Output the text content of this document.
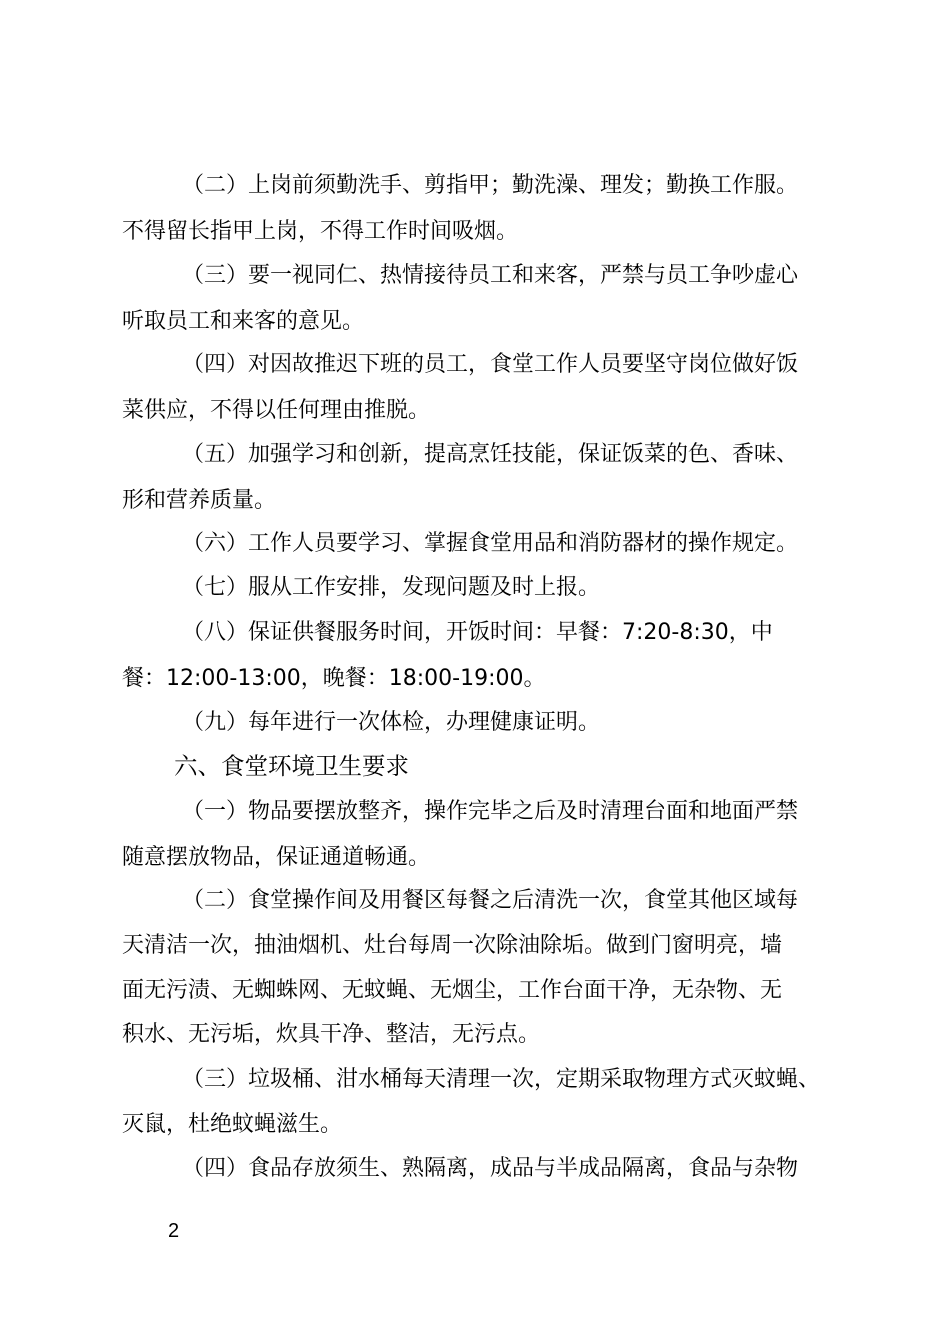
（二）上岗前须勤洗手、剪指甲；勤洗澡、理发；勤换工作服。
不得留长指甲上岗，不得工作时间吸烟。
（三）要一视同仁、热情接待员工和来客，严禁与员工争吵虚心
听取员工和来客的意见。
（四）对因故推迟下班的员工，食堂工作人员要坚守岗位做好饭
菜供应，不得以任何理由推脱。
（五）加强学习和创新，提高烹饪技能，保证饭菜的色、香味、
形和营养质量。
（六）工作人员要学习、掌握食堂用品和消防器材的操作规定。
（七）服从工作安排，发现问题及时上报。
（八）保证供餐服务时间，开饭时间：早餐：7:20-8:30，中
餐：12:00-13:00，晚餐：18:00-19:00。
（九）每年进行一次体检，办理健康证明。
六、食堂环境卫生要求
（一）物品要摆放整齐，操作完毕之后及时清理台面和地面严禁
随意摆放物品，保证通道畅通。
（二）食堂操作间及用餐区每餐之后清洗一次，食堂其他区域每
天清洁一次，抽油烟机、灶台每周一次除油除垢。做到门窗明亮，墙
面无污渍、无蜘蛛网、无蚊蝇、无烟尘，工作台面干净，无杂物、无
积水、无污垢，炊具干净、整洁，无污点。
（三）垃圾桶、泔水桶每天清理一次，定期采取物理方式灭蚊蝇、
灭鼠，杜绝蚊蝇滋生。
（四）食品存放须生、熟隔离，成品与半成品隔离，食品与杂物
2
